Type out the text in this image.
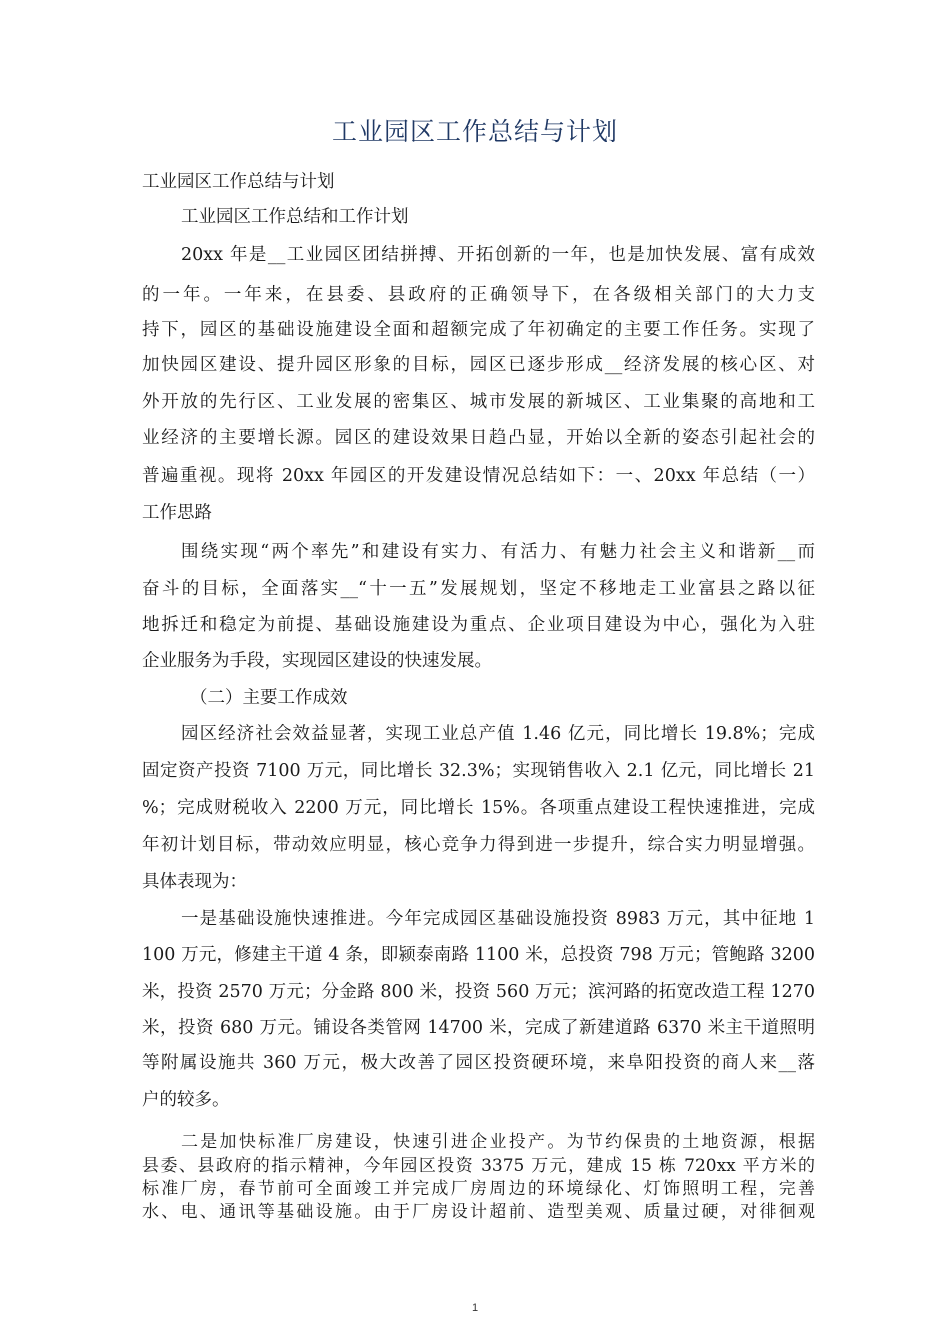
工业园区工作总结与计划
工业园区工作总结与计划
工业园区工作总结和工作计划
20xx 年是__工业园区团结拼搏、开拓创新的一年，也是加快发展、富有成效
的一年。一年来，在县委、县政府的正确领导下，在各级相关部门的大力支
持下，园区的基础设施建设全面和超额完成了年初确定的主要工作任务。实现了
加快园区建设、提升园区形象的目标，园区已逐步形成__经济发展的核心区、对
外开放的先行区、工业发展的密集区、城市发展的新城区、工业集聚的高地和工
业经济的主要增长源。园区的建设效果日趋凸显，开始以全新的姿态引起社会的
普遍重视。现将 20xx 年园区的开发建设情况总结如下：一、20xx 年总结（一）
工作思路
围绕实现“两个率先”和建设有实力、有活力、有魅力社会主义和谐新__而
奋斗的目标，全面落实__“十一五”发展规划，坚定不移地走工业富县之路以征
地拆迁和稳定为前提、基础设施建设为重点、企业项目建设为中心，强化为入驻
企业服务为手段，实现园区建设的快速发展。
（二）主要工作成效
园区经济社会效益显著，实现工业总产值 1.46 亿元，同比增长 19.8%；完成
固定资产投资 7100 万元，同比增长 32.3%；实现销售收入 2.1 亿元，同比增长 21
%；完成财税收入 2200 万元，同比增长 15%。各项重点建设工程快速推进，完成
年初计划目标，带动效应明显，核心竞争力得到进一步提升，综合实力明显增强。
具体表现为：
一是基础设施快速推进。今年完成园区基础设施投资 8983 万元，其中征地 1
100 万元，修建主干道 4 条，即颍泰南路 1100 米，总投资 798 万元；管鲍路 3200
米，投资 2570 万元；分金路 800 米，投资 560 万元；滨河路的拓宽改造工程 1270
米，投资 680 万元。铺设各类管网 14700 米，完成了新建道路 6370 米主干道照明
等附属设施共 360 万元，极大改善了园区投资硬环境，来阜阳投资的商人来__落
户的较多。
二是加快标准厂房建设，快速引进企业投产。为节约保贵的土地资源，根据
县委、县政府的指示精神，今年园区投资 3375 万元，建成 15 栋 720xx 平方米的
标准厂房，春节前可全面竣工并完成厂房周边的环境绿化、灯饰照明工程，完善
水、电、通讯等基础设施。由于厂房设计超前、造型美观、质量过硬，对徘徊观
1
